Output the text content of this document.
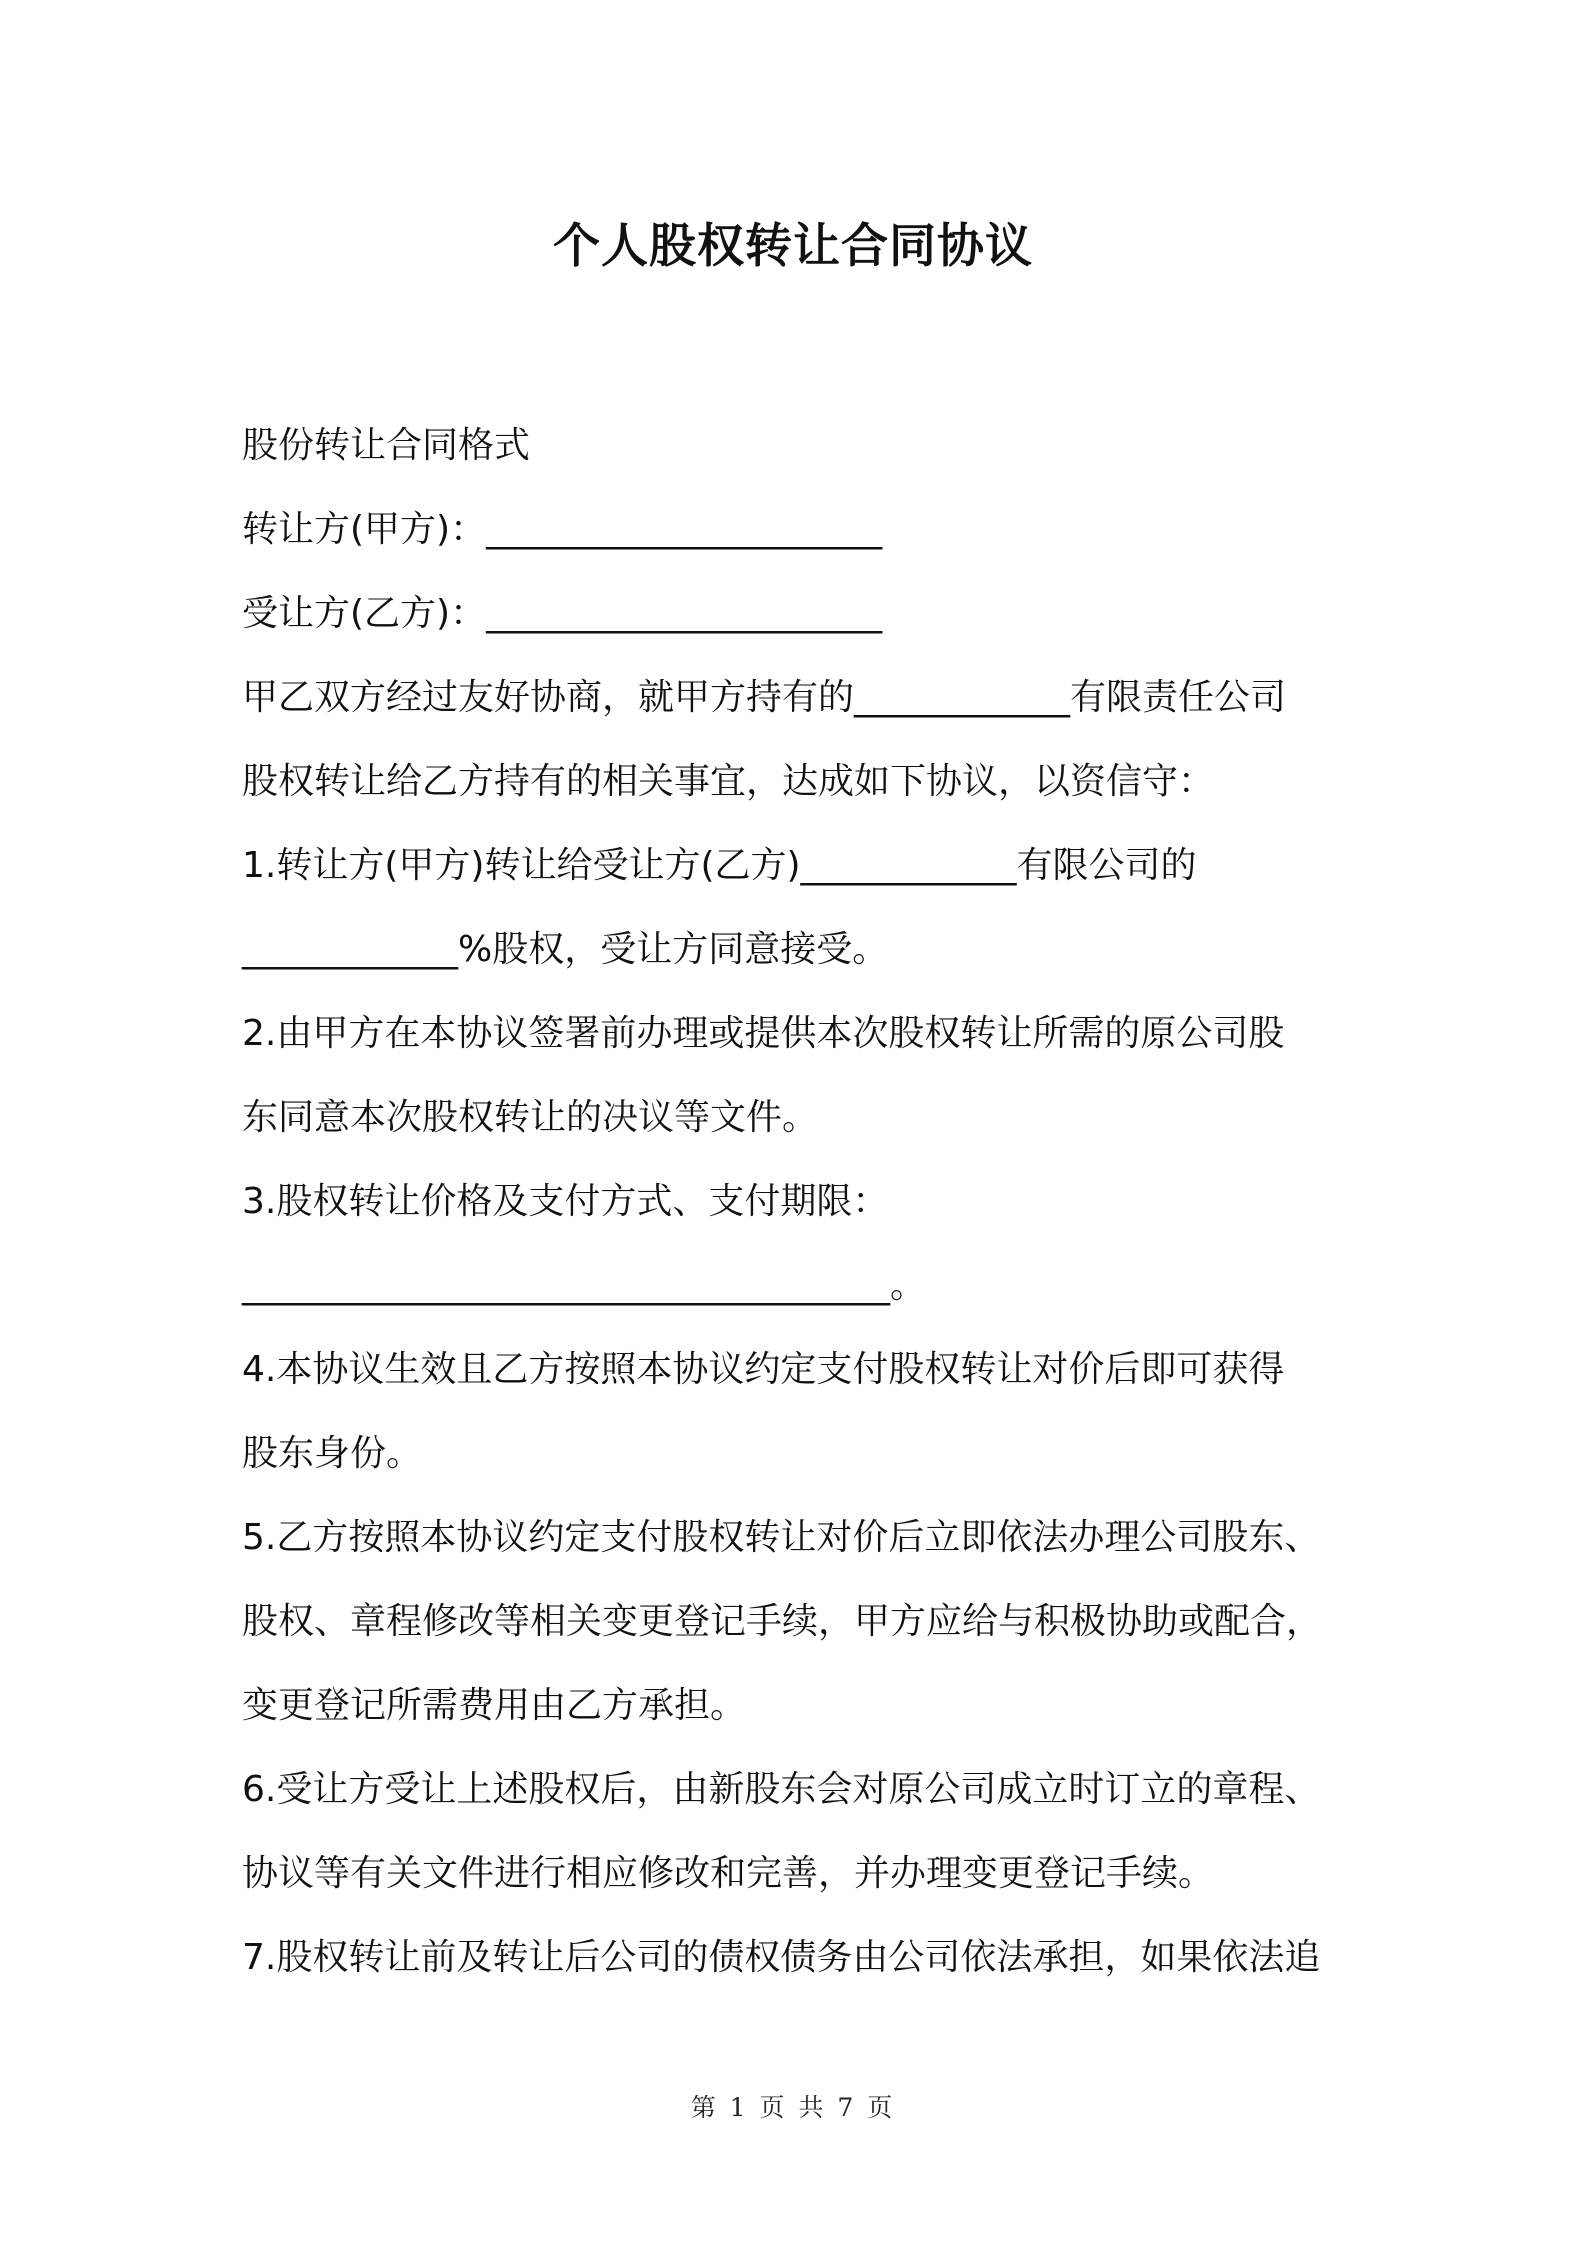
个人股权转让合同协议
股份转让合同格式
转让方(甲方)：______________________
受让方(乙方)：______________________
甲乙双方经过友好协商，就甲方持有的____________有限责任公司
股权转让给乙方持有的相关事宜，达成如下协议，以资信守：
1.转让方(甲方)转让给受让方(乙方)____________有限公司的
____________%股权，受让方同意接受。
2.由甲方在本协议签署前办理或提供本次股权转让所需的原公司股
东同意本次股权转让的决议等文件。
3.股权转让价格及支付方式、支付期限：
____________________________________。
4.本协议生效且乙方按照本协议约定支付股权转让对价后即可获得
股东身份。
5.乙方按照本协议约定支付股权转让对价后立即依法办理公司股东、
股权、章程修改等相关变更登记手续，甲方应给与积极协助或配合，
变更登记所需费用由乙方承担。
6.受让方受让上述股权后，由新股东会对原公司成立时订立的章程、
协议等有关文件进行相应修改和完善，并办理变更登记手续。
7.股权转让前及转让后公司的债权债务由公司依法承担，如果依法追
第 1 页 共 7 页
